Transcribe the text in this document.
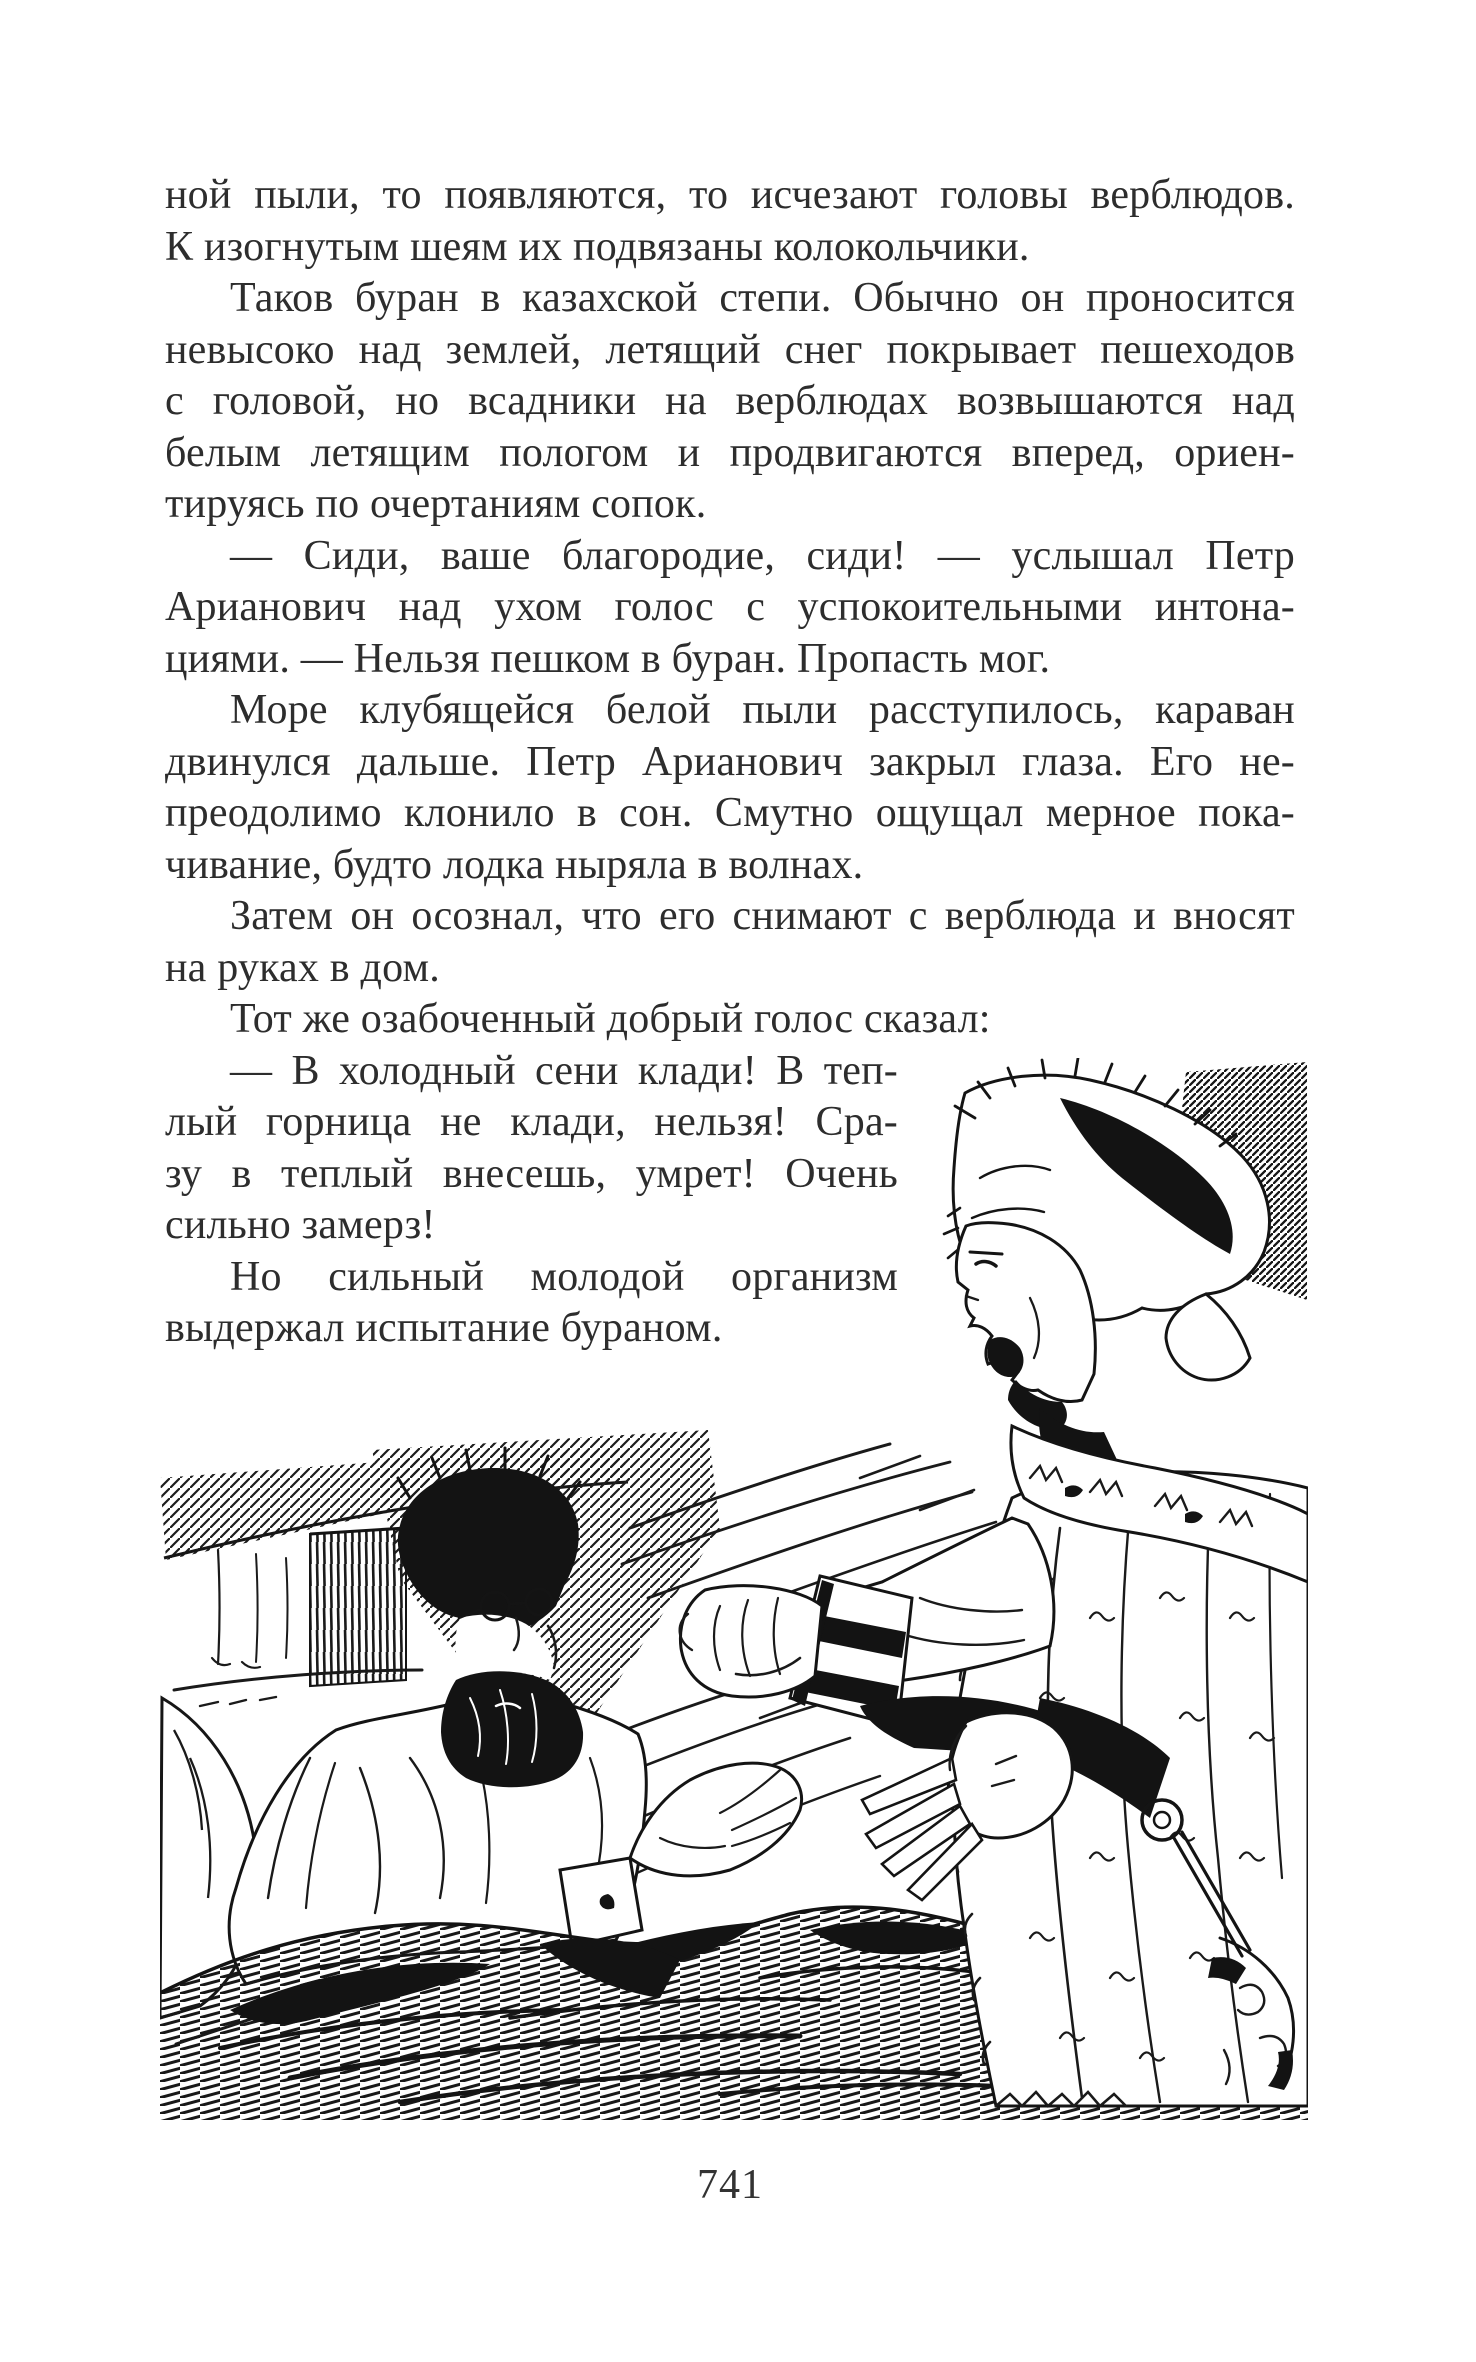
ной пыли, то появляются, то исчезают головы верблюдов.

К изогнутым шеям их подвязаны колокольчики.

Таков буран в казахской степи. Обычно он проносится

невысоко над землей, летящий снег покрывает пешеходов

с головой, но всадники на верблюдах возвышаются над

белым летящим пологом и продвигаются вперед, ориен-

тируясь по очертаниям сопок.

— Сиди, ваше благородие, сиди! — услышал Петр

Арианович над ухом голос с успокоительными интона-

циями. — Нельзя пешком в буран. Пропасть мог.

Море клубящейся белой пыли расступилось, караван

двинулся дальше. Петр Арианович закрыл глаза. Его не-

преодолимо клонило в сон. Смутно ощущал мерное пока-

чивание, будто лодка ныряла в волнах.

Затем он осознал, что его снимают с верблюда и вносят

на руках в дом.

Тот же озабоченный добрый голос сказал:

— В холодный сени клади! В теп-

лый горница не клади, нельзя! Сра-

зу в теплый внесешь, умрет! Очень

сильно замерз!

Но сильный молодой организм

выдержал испытание бураном.

741
